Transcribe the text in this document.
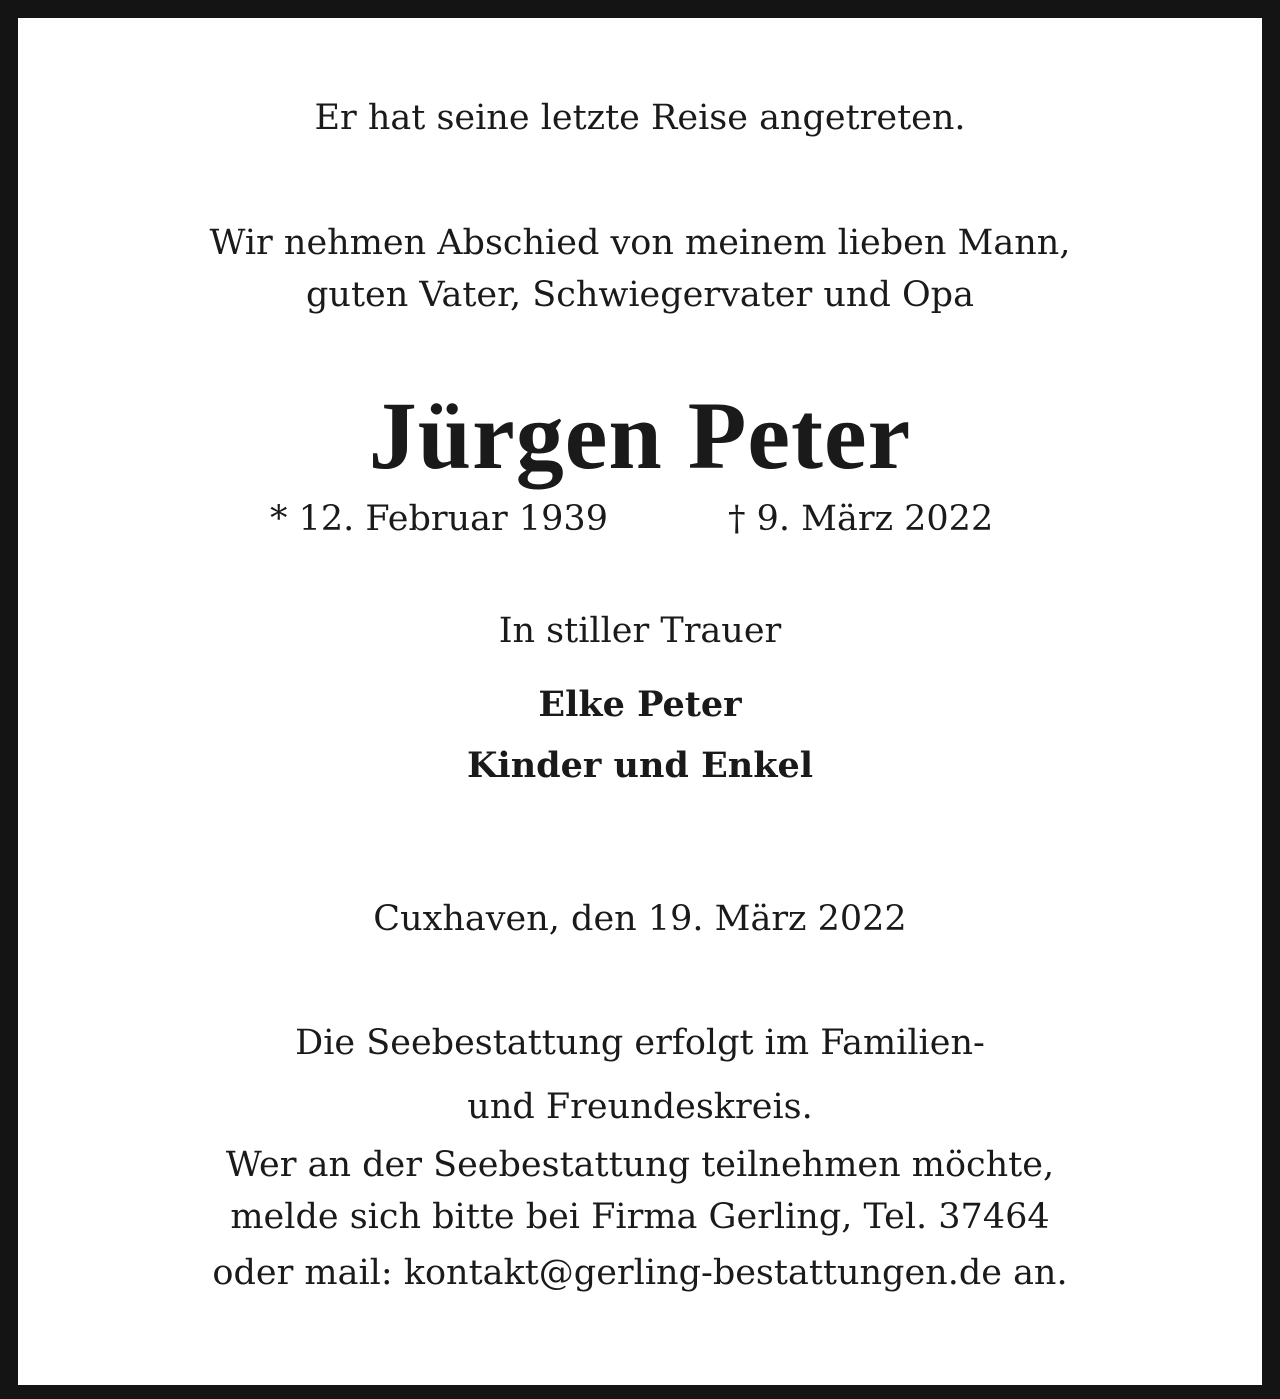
Er hat seine letzte Reise angetreten.
Wir nehmen Abschied von meinem lieben Mann,
guten Vater, Schwiegervater und Opa
Jürgen Peter
* 12. Februar 1939	† 9. März 2022
In stiller Trauer
Elke Peter
Kinder und Enkel
Cuxhaven, den 19. März 2022
Die Seebestattung erfolgt im Familien-
und Freundeskreis.
Wer an der Seebestattung teilnehmen möchte,
melde sich bitte bei Firma Gerling, Tel. 37464
oder mail: kontakt@gerling-bestattungen.de an.
